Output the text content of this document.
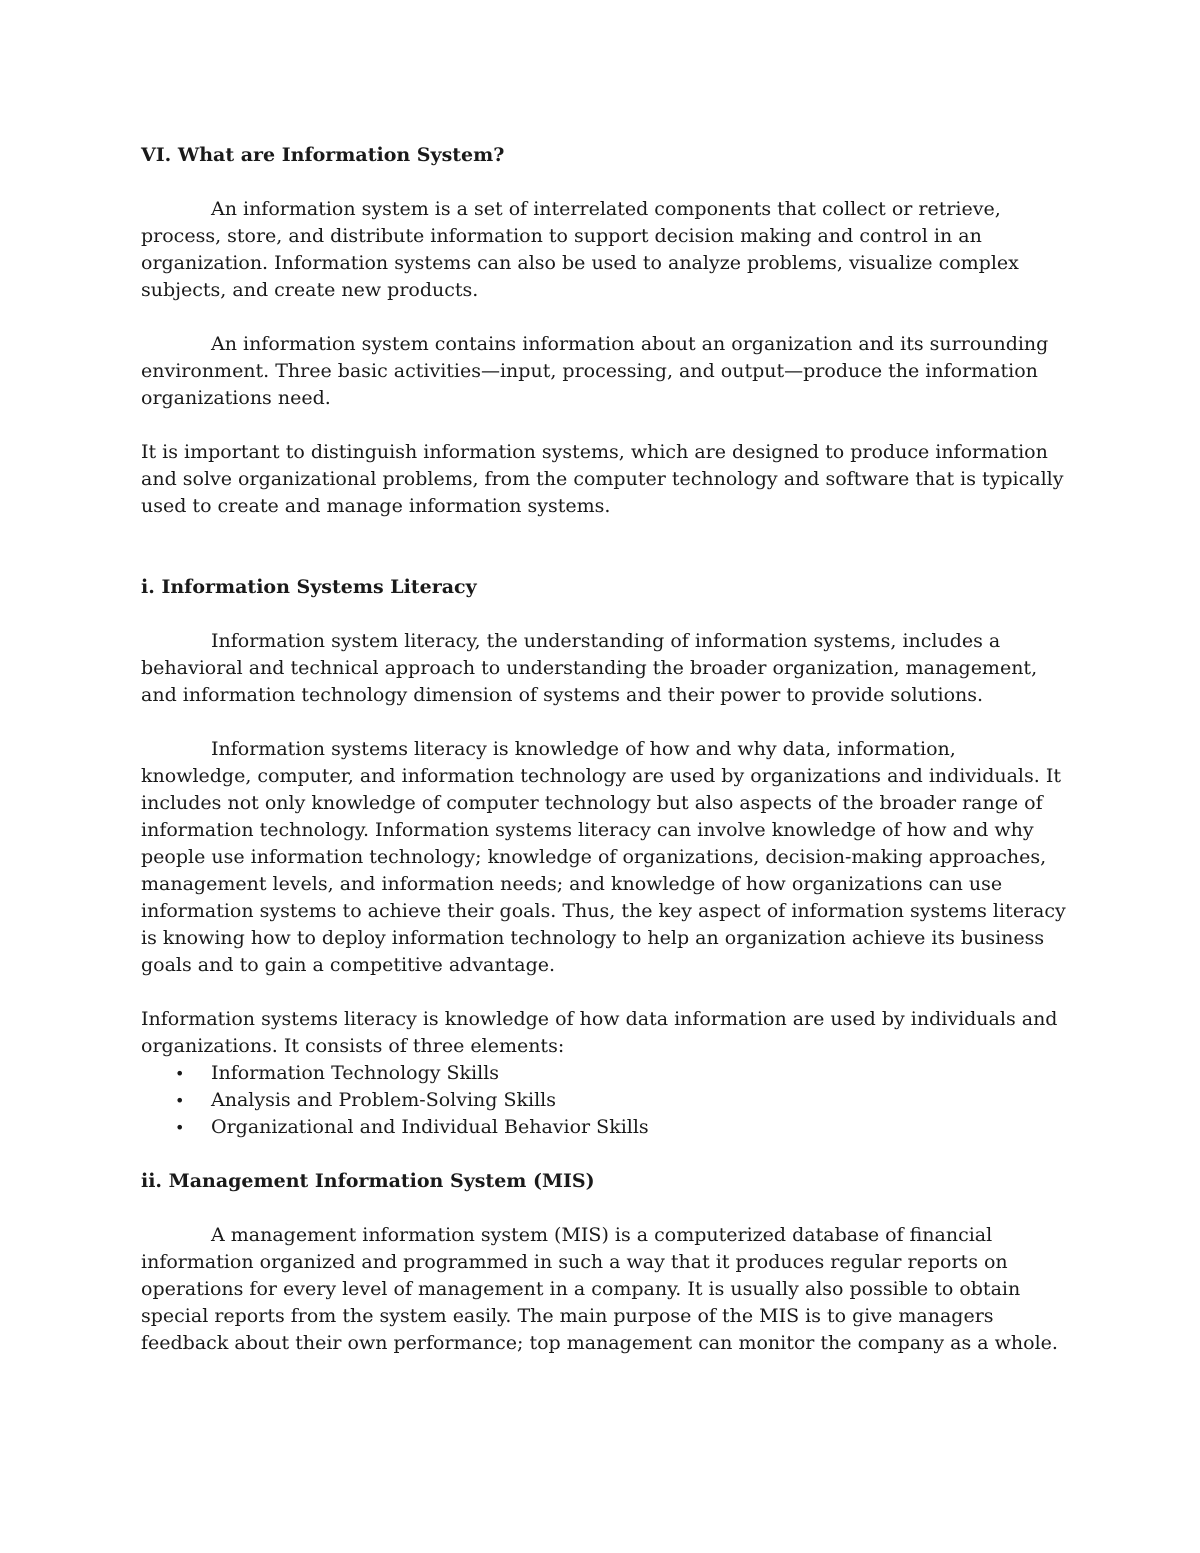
VI. What are Information System?

An information system is a set of interrelated components that collect or retrieve, process, store, and distribute information to support decision making and control in an organization. Information systems can also be used to analyze problems, visualize complex subjects, and create new products.

An information system contains information about an organization and its surrounding environment. Three basic activities—input, processing, and output—produce the information organizations need.

It is important to distinguish information systems, which are designed to produce information and solve organizational problems, from the computer technology and software that is typically used to create and manage information systems.

i. Information Systems Literacy

Information system literacy, the understanding of information systems, includes a behavioral and technical approach to understanding the broader organization, management, and information technology dimension of systems and their power to provide solutions.

Information systems literacy is knowledge of how and why data, information, knowledge, computer, and information technology are used by organizations and individuals. It includes not only knowledge of computer technology but also aspects of the broader range of information technology. Information systems literacy can involve knowledge of how and why people use information technology; knowledge of organizations, decision-making approaches, management levels, and information needs; and knowledge of how organizations can use information systems to achieve their goals. Thus, the key aspect of information systems literacy is knowing how to deploy information technology to help an organization achieve its business goals and to gain a competitive advantage.

Information systems literacy is knowledge of how data information are used by individuals and organizations. It consists of three elements:

• Information Technology Skills
• Analysis and Problem-Solving Skills
• Organizational and Individual Behavior Skills
ii. Management Information System (MIS)

A management information system (MIS) is a computerized database of financial information organized and programmed in such a way that it produces regular reports on operations for every level of management in a company. It is usually also possible to obtain special reports from the system easily. The main purpose of the MIS is to give managers feedback about their own performance; top management can monitor the company as a whole.
